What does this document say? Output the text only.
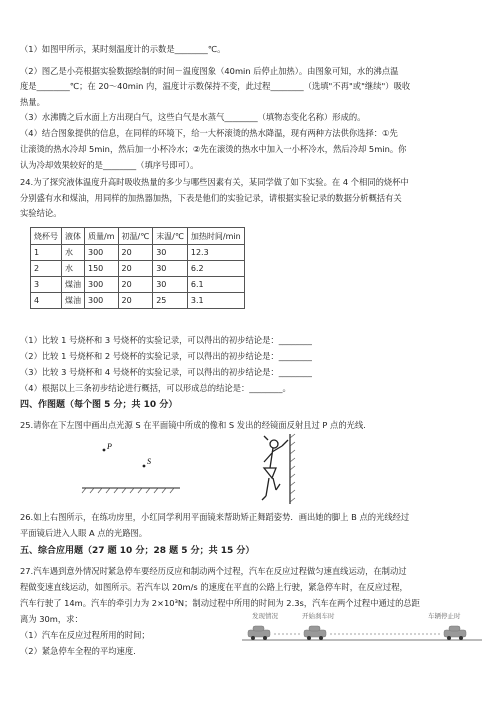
（1）如图甲所示，某时刻温度计的示数是________℃。
（2）图乙是小亮根据实验数据绘制的时间－温度图象（40min 后停止加热）。由图象可知，水的沸点温
度是________℃；在 20～40min 内，温度计示数保持不变，此过程________（选填"不再"或"继续"）吸收
热量。
（3）水沸腾之后水面上方出现白气，这些白气是水蒸气________（填物态变化名称）形成的。
（4）结合图象提供的信息，在同样的环境下，给一大杯滚烫的热水降温，现有两种方法供你选择：①先
让滚烫的热水冷却 5min，然后加一小杯冷水；②先在滚烫的热水中加入一小杯冷水，然后冷却 5min。你
认为冷却效果较好的是________（填序号即可）。
24.为了探究液体温度升高时吸收热量的多少与哪些因素有关，某同学做了如下实验。在 4 个相同的烧杯中
分别盛有水和煤油，用同样的加热器加热，下表是他们的实验记录，请根据实验记录的数据分析概括有关
实验结论。
烧杯号	液体	质量/m	初温/℃	末温/℃	加热时间/min
1	水	300	20	30	12.3
2	水	150	20	30	6.2
3	煤油	300	20	30	6.1
4	煤油	300	20	25	3.1
（1）比较 1 号烧杯和 3 号烧杯的实验记录，可以得出的初步结论是：________
（2）比较 1 号烧杯和 2 号烧杯的实验记录，可以得出的初步结论是：________
（3）比较 3 号烧杯和 4 号烧杯的实验记录，可以得出的初步结论是：________
（4）根据以上三条初步结论进行概括，可以形成总的结论是：________。
四、作图题（每个图 5 分；共 10 分）
25.请你在下左图中画出点光源 S 在平面镜中所成的像和 S 发出的经镜面反射且过 P 点的光线.
P
S
26.如上右图所示，在练功房里，小红同学利用平面镜来帮助矫正舞蹈姿势．画出她的脚上 B 点的光线经过
平面镜后进入人眼 A 点的光路图。
五、综合应用题（27 题 10 分；28 题 5 分；共 15 分）
27.汽车遇到意外情况时紧急停车要经历反应和制动两个过程，汽车在反应过程做匀速直线运动，在制动过
程做变速直线运动，如图所示。若汽车以 20m/s 的速度在平直的公路上行驶，紧急停车时，在反应过程，
汽车行驶了 14m。汽车的牵引力为 2×10³N；制动过程中所用的时间为 2.3s，汽车在两个过程中通过的总距
离为 30m，求：
（1）汽车在反应过程所用的时间；
（2）紧急停车全程的平均速度.
发现情况	开始刹车时	车辆停止时
